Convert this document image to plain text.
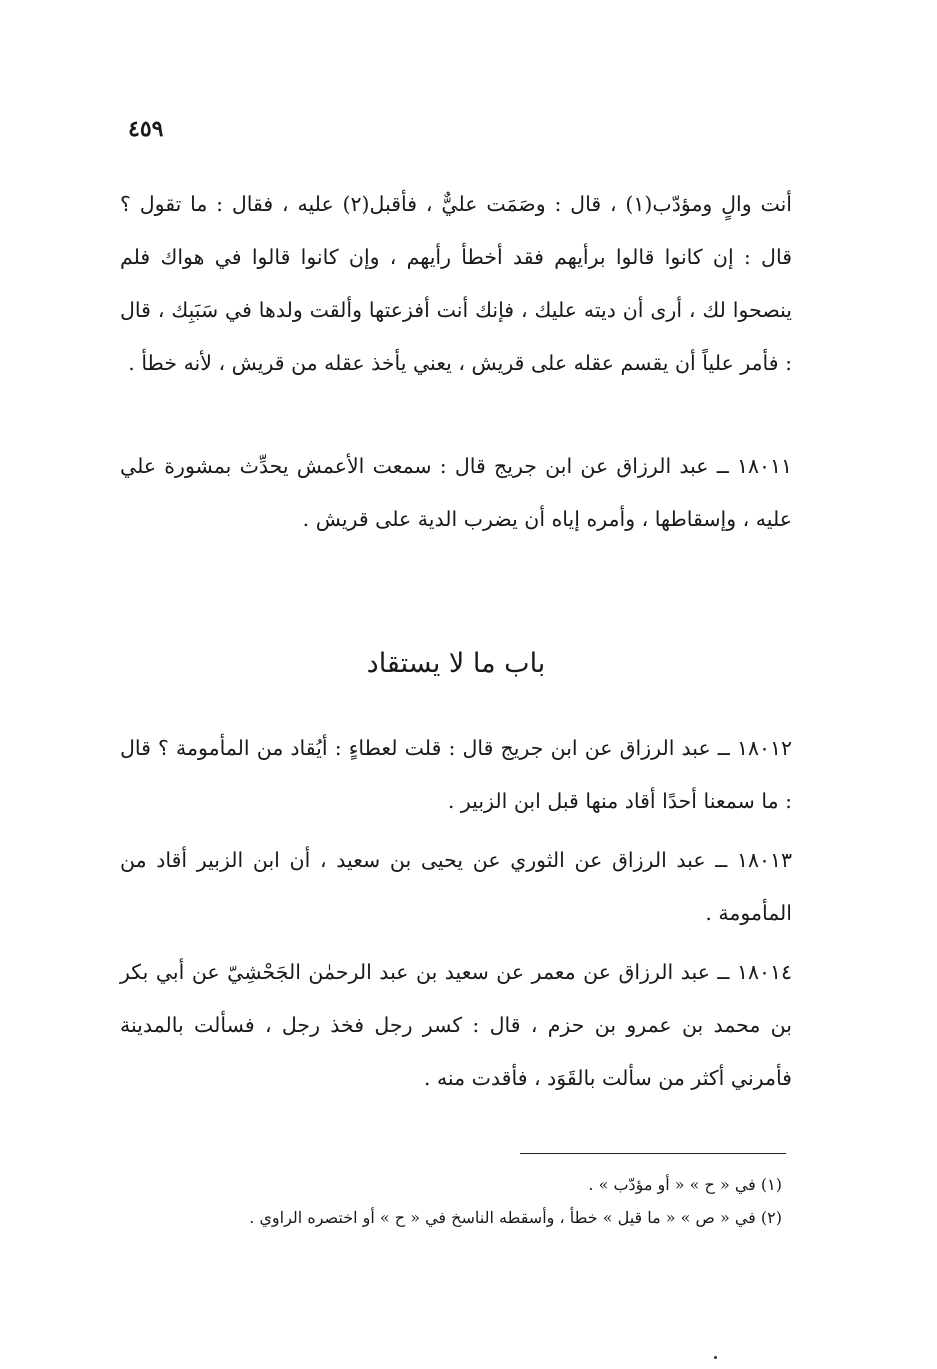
٤٥٩

أنت والٍ ومؤدّب(١) ، قال : وصَمَت عليٌّ ، فأقبل(٢) عليه ، فقال : ما تقول ؟ قال : إن كانوا قالوا برأيهم فقد أخطأ رأيهم ، وإن كانوا قالوا في هواك فلم ينصحوا لك ، أرى أن ديته عليك ، فإنك أنت أفزعتها وألقت ولدها في سَبَبِك ، قال : فأمر علياً أن يقسم عقله على قريش ، يعني يأخذ عقله من قريش ، لأنه خطأ .

١٨٠١١ ــ عبد الرزاق عن ابن جريج قال : سمعت الأعمش يحدِّث بمشورة علي عليه ، وإسقاطها ، وأمره إياه أن يضرب الدية على قريش .

باب ما لا يستقاد

١٨٠١٢ ــ عبد الرزاق عن ابن جريج قال : قلت لعطاءٍ : أيُقاد من المأمومة ؟ قال : ما سمعنا أحدًا أقاد منها قبل ابن الزبير .

١٨٠١٣ ــ عبد الرزاق عن الثوري عن يحيى بن سعيد ، أن ابن الزبير أقاد من المأمومة .

١٨٠١٤ ــ عبد الرزاق عن معمر عن سعيد بن عبد الرحمٰن الجَحْشِيّ عن أبي بكر بن محمد بن عمرو بن حزم ، قال : كسر رجل فخذ رجل ، فسألت بالمدينة فأمرني أكثر من سألت بالقَوَد ، فأقدت منه .

(١) في « ح » « أو مؤدّب » .
(٢) في « ص » « ما قيل » خطأ ، وأسقطه الناسخ في « ح » أو اختصره الراوي .
